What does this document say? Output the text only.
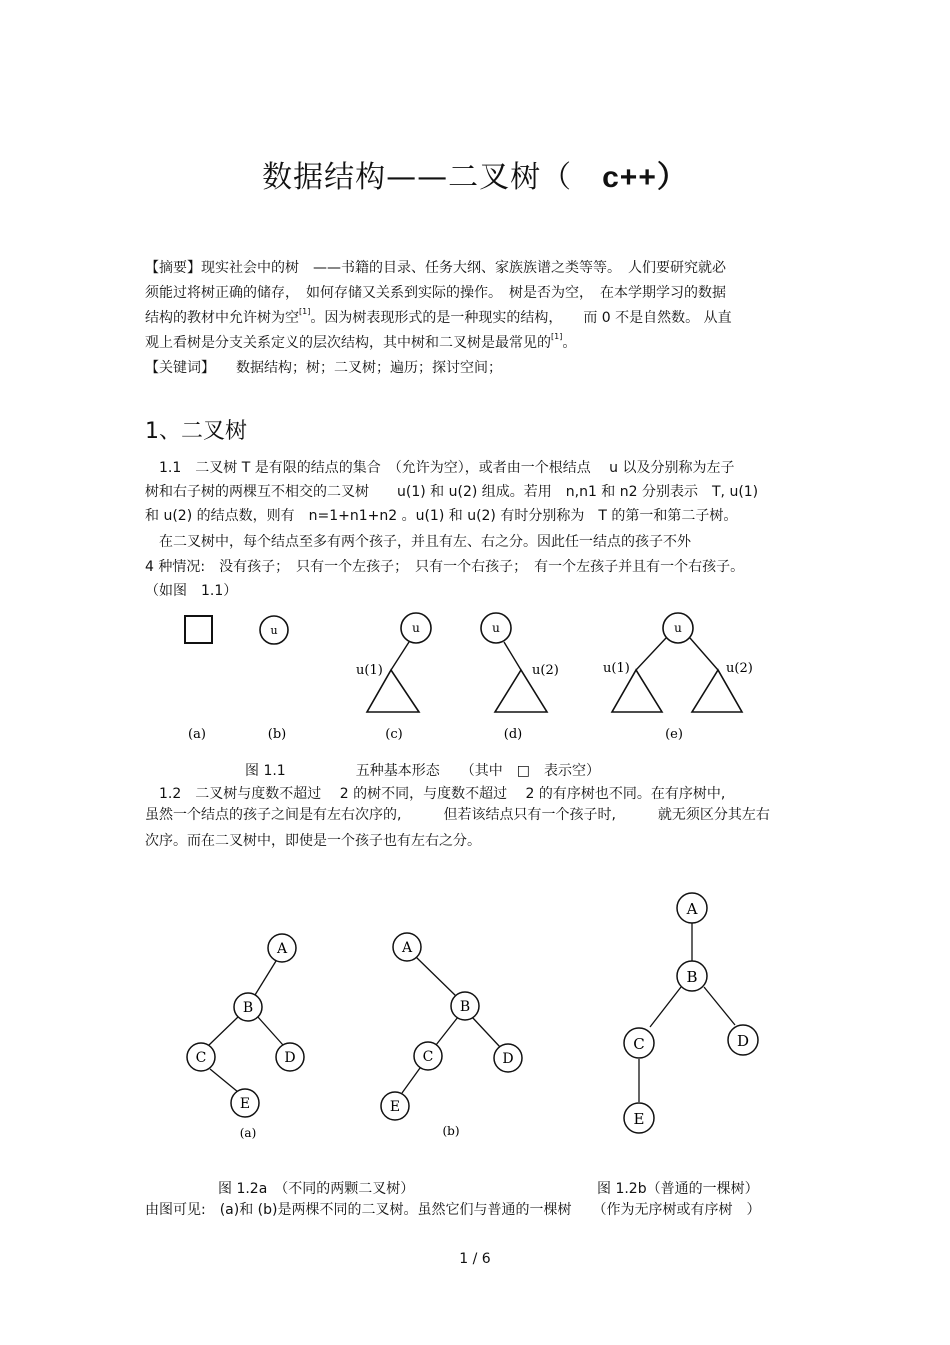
数据结构——二叉树（ c++）
【摘要】现实社会中的树　——书籍的目录、任务大纲、家族族谱之类等等。　人们要研究就必
须能过将树正确的储存，　如何存储又关系到实际的操作。　树是否为空，　在本学期学习的数据
结构的教材中允许树为空[1]。因为树表现形式的是一种现实的结构，　　而 0 不是自然数。 从直
观上看树是分支关系定义的层次结构，其中树和二叉树是最常见的[1]。
【关键词】　　数据结构；树；二叉树；遍历；探讨空间；
1、二叉树
　1.1　二叉树 T 是有限的结点的集合　（允许为空），或者由一个根结点　 u 以及分别称为左子
树和右子树的两棵互不相交的二叉树　　u(1) 和 u(2) 组成。若用　n,n1 和 n2 分别表示　T, u(1)
和 u(2) 的结点数，则有　n=1+n1+n2 。u(1) 和 u(2) 有时分别称为　T 的第一和第二子树。
　在二叉树中，每个结点至多有两个孩子，并且有左、右之分。因此任一结点的孩子不外
4 种情况:　没有孩子；　只有一个左孩子；　只有一个右孩子；　有一个左孩子并且有一个右孩子。
（如图　1.1）
u	u
u(1)
u
u(2)
u
u(1)	u(2)
(a)	(b)	(c)	(d)	(e)
图 1.1　　　　　五种基本形态　　（其中　□　表示空）
　1.2　二叉树与度数不超过　 2 的树不同，与度数不超过　 2 的有序树也不同。在有序树中,
虽然一个结点的孩子之间是有左右次序的,　　　但若该结点只有一个孩子时,　　　就无须区分其左右
次序。而在二叉树中，即使是一个孩子也有左右之分。
A
B
C	D
E
(a)
A
B
C	D
E
(b)
A
B
C	D
E
图 1.2a　（不同的两颗二叉树）	图 1.2b（普通的一棵树）
由图可见:　(a)和 (b)是两棵不同的二叉树。虽然它们与普通的一棵树　　（作为无序树或有序树　）
1 / 6
